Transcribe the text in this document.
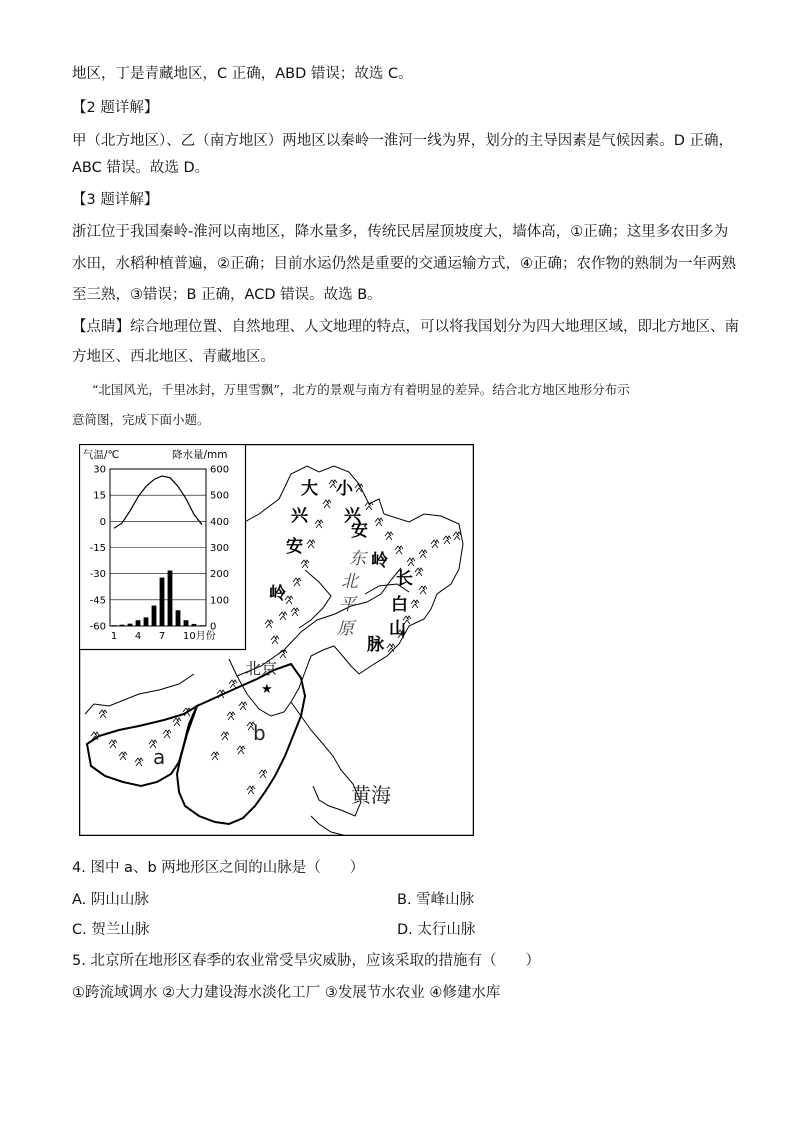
地区，丁是青藏地区，C 正确，ABD 错误；故选 C。
【2 题详解】
甲（北方地区）、乙（南方地区）两地区以秦岭一淮河一线为界，划分的主导因素是气候因素。D 正确，
ABC 错误。故选 D。
【3 题详解】
浙江位于我国秦岭-淮河以南地区，降水量多，传统民居屋顶坡度大，墙体高，①正确；这里多农田多为
水田，水稻种植普遍，②正确；目前水运仍然是重要的交通运输方式，④正确；农作物的熟制为一年两熟
至三熟，③错误；B 正确，ACD 错误。故选 B。
【点睛】综合地理位置、自然地理、人文地理的特点，可以将我国划分为四大地理区域，即北方地区、南
方地区、西北地区、青藏地区。
“北国风光，千里冰封，万里雪飘”，北方的景观与南方有着明显的差异。结合北方地区地形分布示
意简图，完成下面小题。
气温/℃	降水量/mm
30
15
0
-15
-30
-45
-60
600
500
400
300
200
100
0
1 4 7 10月份
大
兴
安
岭
小
兴
安
岭
长
白
山
脉
东
北
平
原
北京
★
b
a
黄海
4. 图中 a、b 两地形区之间的山脉是（　　）
A. 阴山山脉	B. 雪峰山脉
C. 贺兰山脉	D. 太行山脉
5. 北京所在地形区春季的农业常受旱灾威胁，应该采取的措施有（　　）
①跨流域调水 ②大力建设海水淡化工厂 ③发展节水农业 ④修建水库
